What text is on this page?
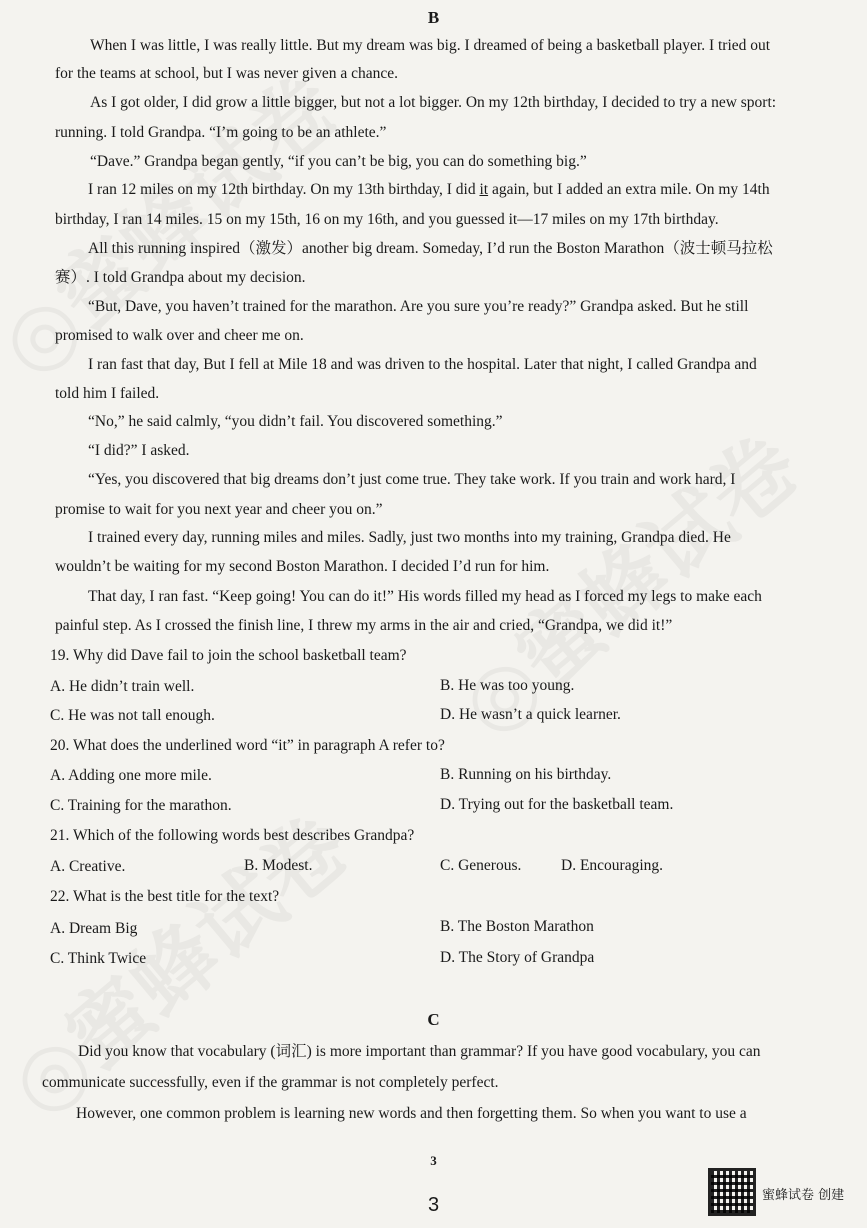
B
When I was little, I was really little. But my dream was big. I dreamed of being a basketball player. I tried out
for the teams at school, but I was never given a chance.
As I got older, I did grow a little bigger, but not a lot bigger. On my 12th birthday, I decided to try a new sport:
running. I told Grandpa. “I’m going to be an athlete.”
“Dave.” Grandpa began gently, “if you can’t be big, you can do something big.”
I ran 12 miles on my 12th birthday. On my 13th birthday, I did it again, but I added an extra mile. On my 14th
birthday, I ran 14 miles. 15 on my 15th, 16 on my 16th, and you guessed it—17 miles on my 17th birthday.
All this running inspired（激发）another big dream. Someday, I’d run the Boston Marathon（波士顿马拉松
赛）. I told Grandpa about my decision.
“But, Dave, you haven’t trained for the marathon. Are you sure you’re ready?” Grandpa asked. But he still
promised to walk over and cheer me on.
I ran fast that day, But I fell at Mile 18 and was driven to the hospital. Later that night, I called Grandpa and
told him I failed.
“No,” he said calmly, “you didn’t fail. You discovered something.”
“I did?” I asked.
“Yes, you discovered that big dreams don’t just come true. They take work. If you train and work hard, I
promise to wait for you next year and cheer you on.”
I trained every day, running miles and miles. Sadly, just two months into my training, Grandpa died. He
wouldn’t be waiting for my second Boston Marathon. I decided I’d run for him.
That day, I ran fast. “Keep going! You can do it!” His words filled my head as I forced my legs to make each
painful step. As I crossed the finish line, I threw my arms in the air and cried, “Grandpa, we did it!”
19. Why did Dave fail to join the school basketball team?
A. He didn’t train well.	B. He was too young.
C. He was not tall enough.	D. He wasn’t a quick learner.
20. What does the underlined word “it” in paragraph A refer to?
A. Adding one more mile.	B. Running on his birthday.
C. Training for the marathon.	D. Trying out for the basketball team.
21. Which of the following words best describes Grandpa?
A. Creative.	B. Modest.	C. Generous.	D. Encouraging.
22. What is the best title for the text?
A. Dream Big	B. The Boston Marathon
C. Think Twice	D. The Story of Grandpa
C
Did you know that vocabulary (词汇) is more important than grammar? If you have good vocabulary, you can
communicate successfully, even if the grammar is not completely perfect.
However, one common problem is learning new words and then forgetting them. So when you want to use a
3
3	蜜蜂试卷 创建
